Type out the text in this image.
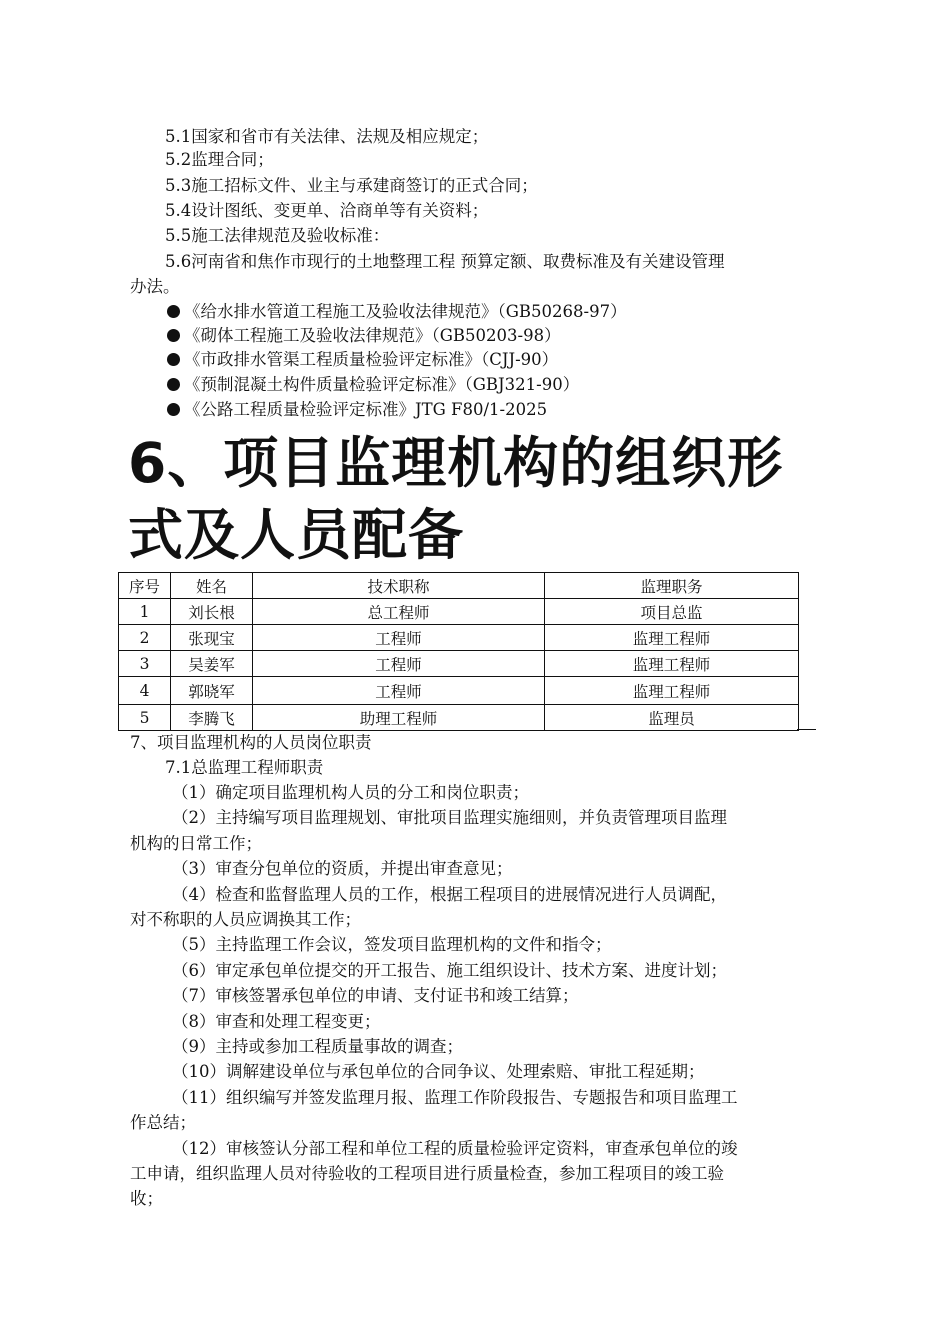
5.1国家和省市有关法律、法规及相应规定；
5.2监理合同；
5.3施工招标文件、业主与承建商签订的正式合同；
5.4设计图纸、变更单、洽商单等有关资料；
5.5施工法律规范及验收标准：
5.6河南省和焦作市现行的土地整理工程 预算定额、取费标准及有关建设管理
办法。
《给水排水管道工程施工及验收法律规范》（GB50268-97）
《砌体工程施工及验收法律规范》（GB50203-98）
《市政排水管渠工程质量检验评定标准》（CJJ-90）
《预制混凝土构件质量检验评定标准》（GBJ321-90）
《公路工程质量检验评定标准》JTG F80/1-2025
6、项目监理机构的组织形
式及人员配备
序号	姓名	技术职称	监理职务
1	刘长根	总工程师	项目总监
2	张现宝	工程师	监理工程师
3	吴姜军	工程师	监理工程师
4	郭晓军	工程师	监理工程师
5	李腾飞	助理工程师	监理员
7、项目监理机构的人员岗位职责
7.1总监理工程师职责
（1）确定项目监理机构人员的分工和岗位职责；
（2）主持编写项目监理规划、审批项目监理实施细则，并负责管理项目监理
机构的日常工作；
（3）审查分包单位的资质，并提出审查意见；
（4）检查和监督监理人员的工作，根据工程项目的进展情况进行人员调配，
对不称职的人员应调换其工作；
（5）主持监理工作会议，签发项目监理机构的文件和指令；
（6）审定承包单位提交的开工报告、施工组织设计、技术方案、进度计划；
（7）审核签署承包单位的申请、支付证书和竣工结算；
（8）审查和处理工程变更；
（9）主持或参加工程质量事故的调查；
（10）调解建设单位与承包单位的合同争议、处理索赔、审批工程延期；
（11）组织编写并签发监理月报、监理工作阶段报告、专题报告和项目监理工
作总结；
（12）审核签认分部工程和单位工程的质量检验评定资料，审查承包单位的竣
工申请，组织监理人员对待验收的工程项目进行质量检查，参加工程项目的竣工验
收；
